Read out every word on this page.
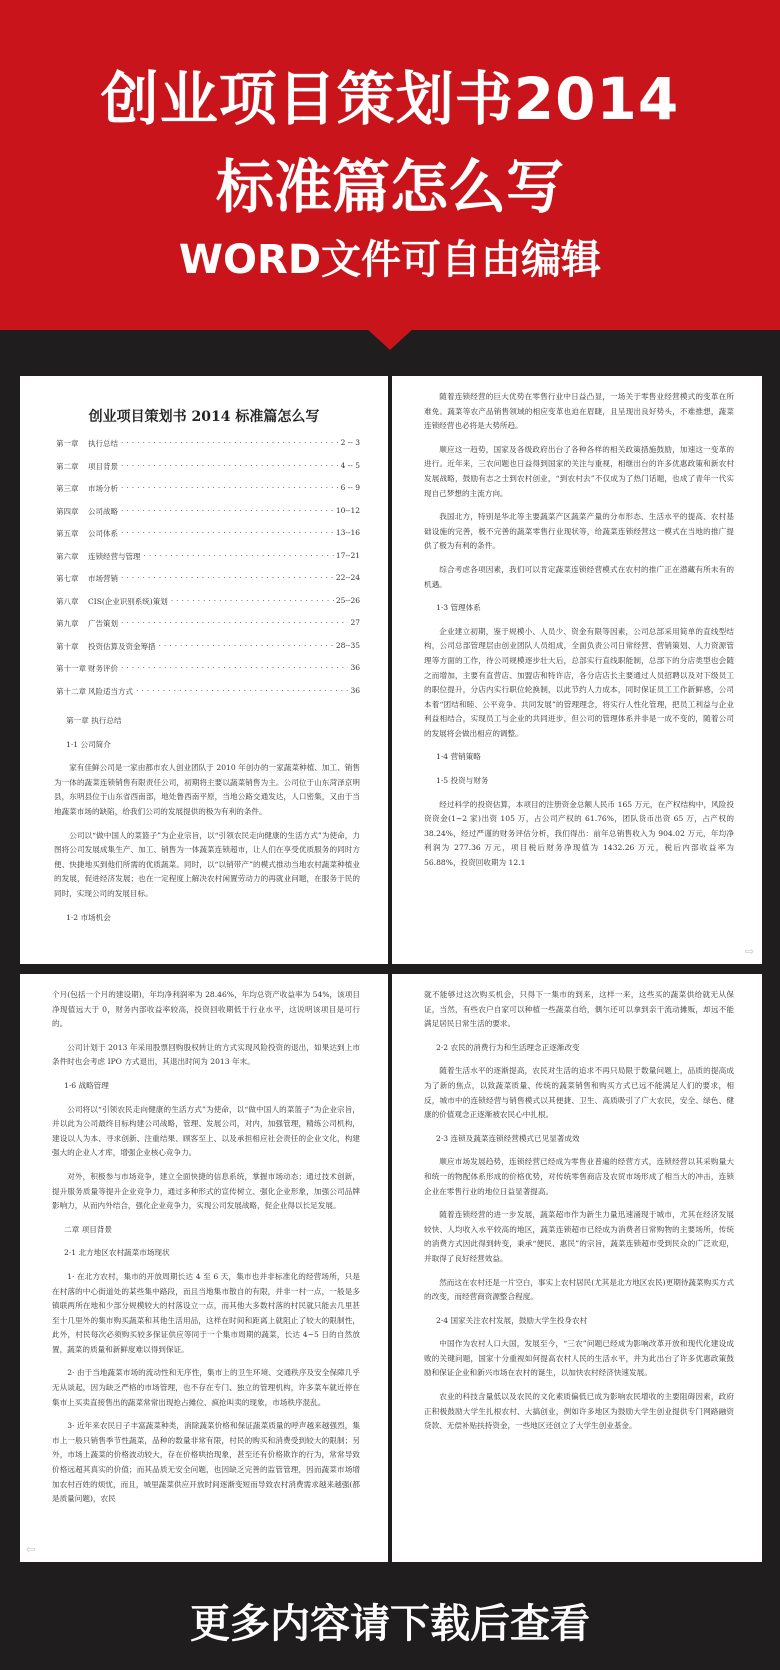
创业项目策划书2014
标准篇怎么写
WORD文件可自由编辑
创业项目策划书 2014 标准篇怎么写
第一章	执行总结 ·····	2 -- 3
第二章	项目背景 ·····	4 -- 5
第三章	市场分析 ·····	6 -- 9
第四章	公司战略 ·····	10--12
第五章	公司体系 ·····	13--16
第六章	连锁经营与管理 ·····	17--21
第七章	市场营销 ·····	22--24
第八章	CIS(企业识别系统)策划 ·····	25--26
第九章	广告策划 ·····	27
第十章	投资估算及资金筹措 ·····	28--35
第十一章 财务评价 ·····	36
第十二章 风险适当方式 ·····	36
第一章 执行总结
1·1 公司简介

家有佳鲜公司是一家由都市农人创业团队于 2010 年创办的一家蔬菜种植、加工、销售为一体的蔬菜连锁销售有限责任公司，初期将主要以蔬菜销售为主。公司位于山东菏泽京明县，东明县位于山东省西南部，地处鲁西南平原，当地公路交通发达，人口密集，又由于当地蔬菜市场的缺陷，给我们公司的发展提供的极为有利的条件。

公司以“做中国人的菜篮子”为企业宗旨，以“引领农民走向健康的生活方式”为使命，力图将公司发展成集生产、加工、销售为一体蔬菜连锁超市，让人们在享受优质服务的同时方便、快捷地买到他们所需的优质蔬菜。同时，以“以销带产”的模式推动当地农村蔬菜种植业的发展，促进经济发展；也在一定程度上解决农村闲置劳动力的再就业问题，在服务于民的同时，实现公司的发展目标。

1·2 市场机会

随着连锁经营的巨大优势在零售行业中日益凸显，一场关于零售业经营模式的变革在所难免。蔬菜等农产品销售领域的相应变革也迫在眉睫，且呈现出良好势头，不难推想，蔬菜连锁经营也必将是大势所趋。

顺应这一趋势，国家及各级政府出台了各种各样的相关政策措施鼓励，加速这一变革的进行。近年来，三农问题也日益得到国家的关注与重视，相继出台的许多优惠政策和新农村发展战略，鼓励有志之士到农村创业，“到农村去”不仅成为了热门话题，也成了青年一代实现自己梦想的主流方向。

我国北方，特别是华北等主要蔬菜产区蔬菜产量的分布形态、生活水平的提高、农村基础设施的完善，极不完善的蔬菜零售行业现状等，给蔬菜连锁经营这一模式在当地的推广提供了极为有利的条件。

综合考虑各项因素，我们可以肯定蔬菜连锁经营模式在农村的推广正在潜藏有所未有的机遇。

1·3 管理体系

企业建立初期，鉴于规模小、人员少、资金有限等因素，公司总部采用简单的直线型结构，公司总部管理层由创业团队人员组成，全面负责公司日常经营、营销策划、人力资源管理等方面的工作，待公司规模逐步壮大后，总部实行直线职能制，总部下的分店类型也会随之而增加，主要有直营店、加盟店和特许店，各分店店长主要通过人员招聘以及对下级员工的职位提升，分店内实行职位轮换制，以此节约人力成本，同时保证员工工作新鲜感，公司本着“团结和睦、公平竞争、共同发展”的管理理念，将实行人性化管理，把员工利益与企业利益相结合，实现员工与企业的共同进步，但公司的管理体系并非是一成不变的，随着公司的发展将会做出相应的调整。

1·4 营销策略
1·5 投资与财务

经过科学的投资估算，本项目的注册资金总额人民币 165 万元，在产权结构中，风险投资资金(1~2 家)出资 105 万，占公司产权的 61.76%，团队货币出资 65 万，占产权的 38.24%，经过严谨的财务评估分析，我们得出：前年总销售收入为 904.02 万元，年均净利润为 277.36 万元，项目税后财务净现值为 1432.26 万元，税后内部收益率为 56.88%，投资回收期为 12.1

⇨

个月(包括一个月的建设期)，年均净利润率为 28.46%，年均总资产收益率为 54%，该项目净现值远大于 0，财务内部收益率较高，投资回收期低于行业水平，这说明该项目是可行的。

公司计划于 2013 年采用股票回购股权转让的方式实现风险投资的退出，如果达到上市条件时也会考虑 IPO 方式退出，其退出时间为 2013 年末。

1·6 战略管理

公司将以“引领农民走向健康的生活方式”为使命，以“做中国人的菜篮子”为企业宗旨，并以此为公司最终目标构建公司战略，管理、发展公司，对内，加强管理，精练公司机构，建设以人为本、寻求创新、注重结果、顾客至上、以及承担相应社会责任的企业文化，构建强大的企业人才库，增强企业核心竞争力。

对外，积极参与市场竞争，建立全面快捷的信息系统，掌握市场动态；通过技术创新，提升服务质量等提升企业竞争力，通过多种形式的宣传树立、强化企业形象，加强公司品牌影响力，从而内外结合，强化企业竞争力，实现公司发展战略，促企业得以长足发展。

二章 项目背景
2·1 北方地区农村蔬菜市场现状

1· 在北方农村，集市的开放周期长达 4 至 6 天，集市也并非标准化的经营场所，只是在村落的中心街道处的某些集中路段，而且当地集市散自的有限，并非一村一点，一般是多镇联两所在地和少部分规模较大的村落设立一点，而其他大多数村落的村民就只能去几里甚至十几里外的集市购买蔬菜和其他生活用品，这样在时间和距离上就阻止了较大的限制性，此外，村民每次必须购买较多保证供应等同于一个集市周期的蔬菜，长达 4~5 日的自然放置，蔬菜的质量和新鲜度难以得到保证。

2· 由于当地蔬菜市场的流动性和无序性，集市上的卫生环境、交通秩序及安全保障几乎无从谈起，因为缺乏严格的市场管理，也不存在专门、独立的管理机构，许多菜车就近停在集市上买卖直接售出的蔬菜常常出现抢占摊位、疯抢叫卖的现象，市场秩序混乱。

3· 近年来农民日子丰富蔬菜种类，消除蔬菜价格和保证蔬菜质量的呼声越来越强烈，集市上一般只销售季节性蔬菜，品种的数量非常有限，村民的购买和消费受到较大的限制；另外，市场上蔬菜的价格波动较大，存在价格哄抬现象，甚至还有价格欺诈的行为，常常导致价格远超其真实的价值；而其品质无安全问题，也因缺乏完善的监管管理，因而蔬菜市场增加农村百姓的烦忧，而且，城里蔬菜供应开放时间逐渐变短而导致农村消费需求越来越强(都是质量问题)，农民

⇦

就不能够过这次购买机会，只得下一集市的到来，这样一来，这些买的蔬菜供给就无从保证，当然，有些农户自家可以种植一些蔬菜自给，偶尔还可以拿到亲干流动摊贩，却远不能满足居民日常生活的要求。

2·2 农民的消费行为和生活理念正逐渐改变

随着生活水平的逐渐提高，农民对生活的追求不再只局限于数量问题上，品质的提高成为了新的焦点，以致蔬菜质量、传统的蔬菜销售和购买方式已远不能满足人们的要求，相反，城市中的连锁经营与销售模式以其便捷、卫生、高质吸引了广大农民，安全、绿色、健康的价值观念正逐渐被农民心中扎根。

2·3 连锁及蔬菜连锁经营模式已见显著成效

顺应市场发展趋势，连锁经营已经成为零售业普遍的经营方式，连锁经营以其采购量大和统一的物配体系形成的价格优势，对传统零售商店及农贸市场形成了相当大的冲击，连锁企业在零售行业的地位日益显著提高。

随着连锁经营的进一步发展，蔬菜超市作为新生力量迅速涌现于城市，尤其在经济发展较快、人均收入水平较高的地区，蔬菜连锁超市已经成为消费者日常购物的主要场所，传统的消费方式因此得到转变，秉承“便民、惠民”的宗旨，蔬菜连锁超市受到民众的广泛欢迎，并取得了良好经营效益。

然而这在农村还是一片空白，事实上农村居民(尤其是北方地区农民)更期待蔬菜购买方式的改变，而经营商资源整合程度。

2·4 国家关注农村发展，鼓励大学生投身农村

中国作为农村人口大国，发展至今，“三农”问题已经成为影响改革开放和现代化建设成败的关键问题，国家十分重视如何提高农村人民的生活水平，并为此出台了许多优惠政策鼓励和保证企业和新兴市场在农村的诞生，以加快农村经济快速发展。

农业的科技含量低以及农民的文化素质偏低已成为影响农民增收的主要阻碍因素，政府正积极鼓励大学生扎根农村、大搞创业，例如许多地区为鼓励大学生创业提供专门网路融资贷款、无偿补贴扶持资金，一些地区还创立了大学生创业基金。

更多内容请下载后查看
